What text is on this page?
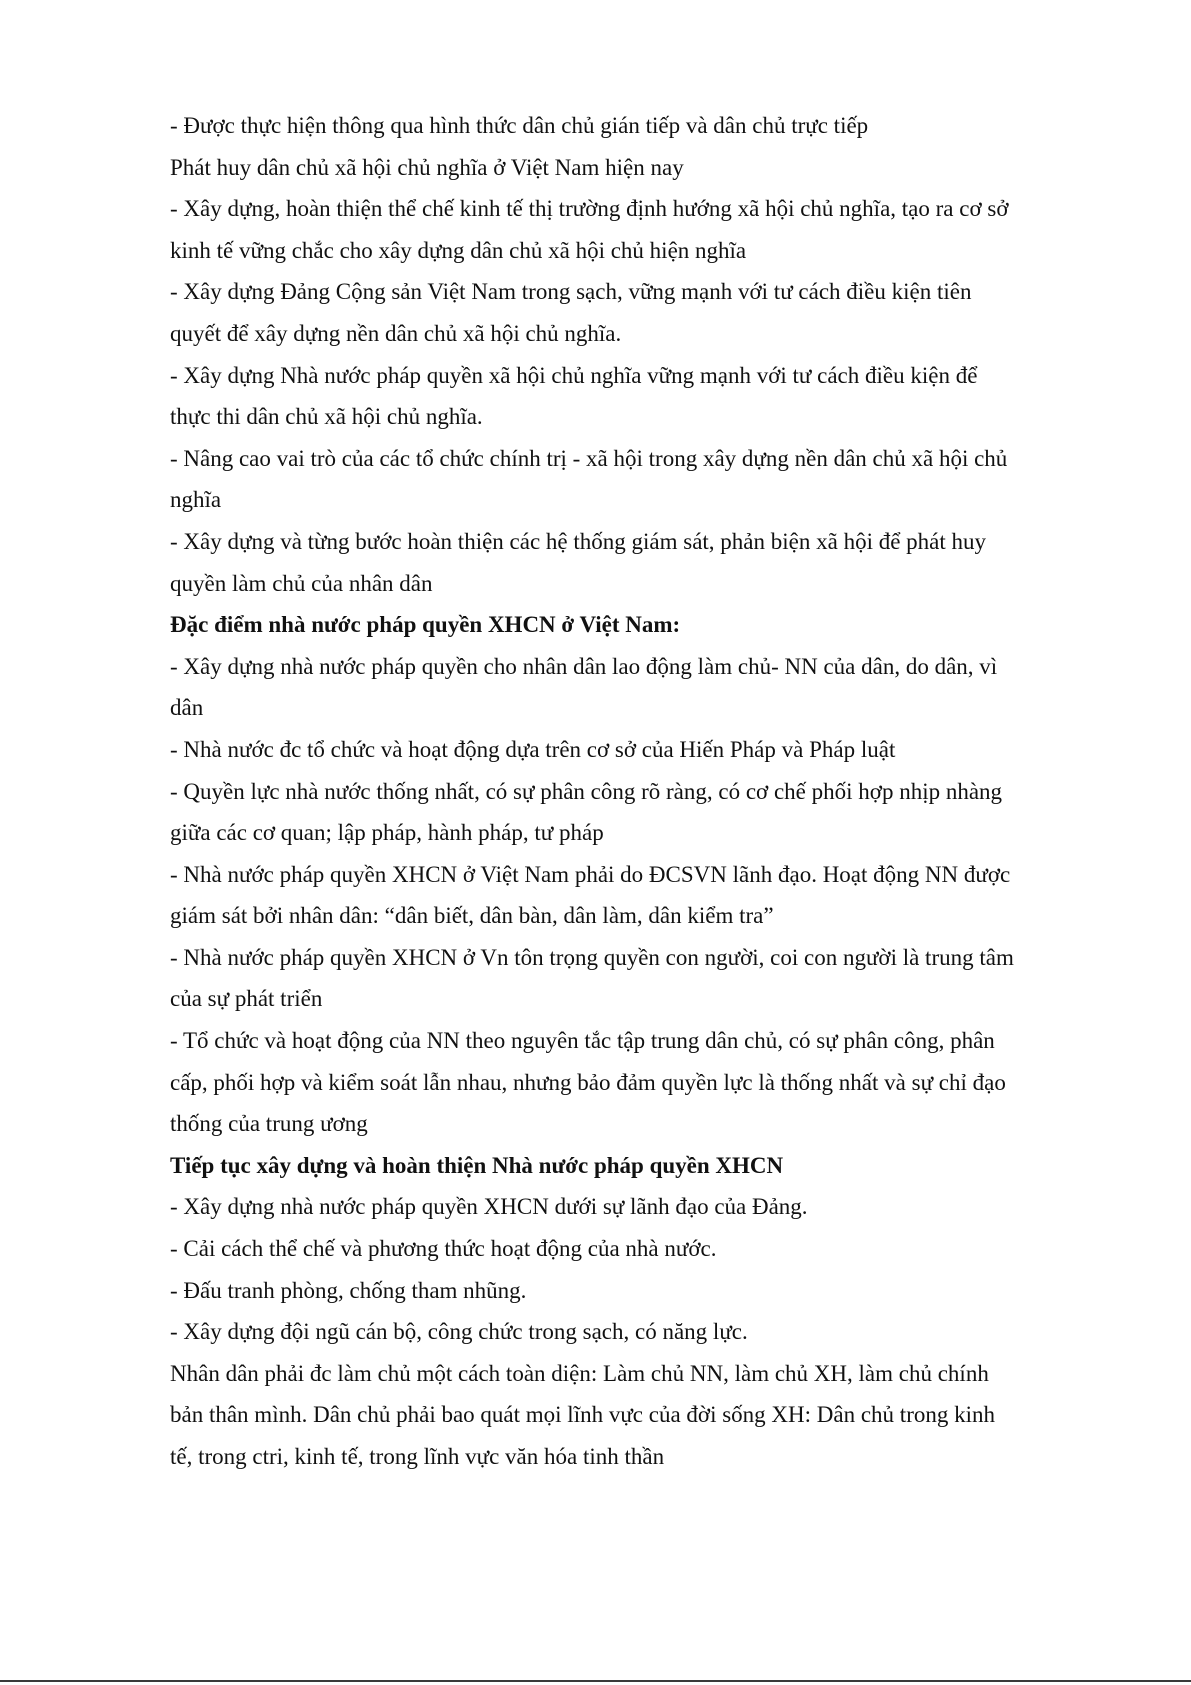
- Được thực hiện thông qua hình thức dân chủ gián tiếp và dân chủ trực tiếp

Phát huy dân chủ xã hội chủ nghĩa ở Việt Nam hiện nay

- Xây dựng, hoàn thiện thể chế kinh tế thị trường định hướng xã hội chủ nghĩa, tạo ra cơ sở kinh tế vững chắc cho xây dựng dân chủ xã hội chủ hiện nghĩa

- Xây dựng Đảng Cộng sản Việt Nam trong sạch, vững mạnh với tư cách điều kiện tiên quyết để xây dựng nền dân chủ xã hội chủ nghĩa.

- Xây dựng Nhà nước pháp quyền xã hội chủ nghĩa vững mạnh với tư cách điều kiện để thực thi dân chủ xã hội chủ nghĩa.

- Nâng cao vai trò của các tổ chức chính trị - xã hội trong xây dựng nền dân chủ xã hội chủ nghĩa

- Xây dựng và từng bước hoàn thiện các hệ thống giám sát, phản biện xã hội để phát huy quyền làm chủ của nhân dân

Đặc điểm nhà nước pháp quyền XHCN ở Việt Nam:

- Xây dựng nhà nước pháp quyền cho nhân dân lao động làm chủ- NN của dân, do dân, vì dân

- Nhà nước đc tổ chức và hoạt động dựa trên cơ sở của Hiến Pháp và Pháp luật

- Quyền lực nhà nước thống nhất, có sự phân công rõ ràng, có cơ chế phối hợp nhịp nhàng giữa các cơ quan; lập pháp, hành pháp, tư pháp

- Nhà nước pháp quyền XHCN ở Việt Nam phải do ĐCSVN lãnh đạo. Hoạt động NN được giám sát bởi nhân dân: “dân biết, dân bàn, dân làm, dân kiểm tra”

- Nhà nước pháp quyền XHCN ở Vn tôn trọng quyền con người, coi con người là trung tâm của sự phát triển

- Tổ chức và hoạt động của NN theo nguyên tắc tập trung dân chủ, có sự phân công, phân cấp, phối hợp và kiểm soát lẫn nhau, nhưng bảo đảm quyền lực là thống nhất và sự chỉ đạo thống của trung ương

Tiếp tục xây dựng và hoàn thiện Nhà nước pháp quyền XHCN

- Xây dựng nhà nước pháp quyền XHCN dưới sự lãnh đạo của Đảng.

- Cải cách thể chế và phương thức hoạt động của nhà nước.

- Đấu tranh phòng, chống tham nhũng.

- Xây dựng đội ngũ cán bộ, công chức trong sạch, có năng lực.

Nhân dân phải đc làm chủ một cách toàn diện: Làm chủ NN, làm chủ XH, làm chủ chính bản thân mình. Dân chủ phải bao quát mọi lĩnh vực của đời sống XH: Dân chủ trong kinh tế, trong ctri, kinh tế, trong lĩnh vực văn hóa tinh thần
